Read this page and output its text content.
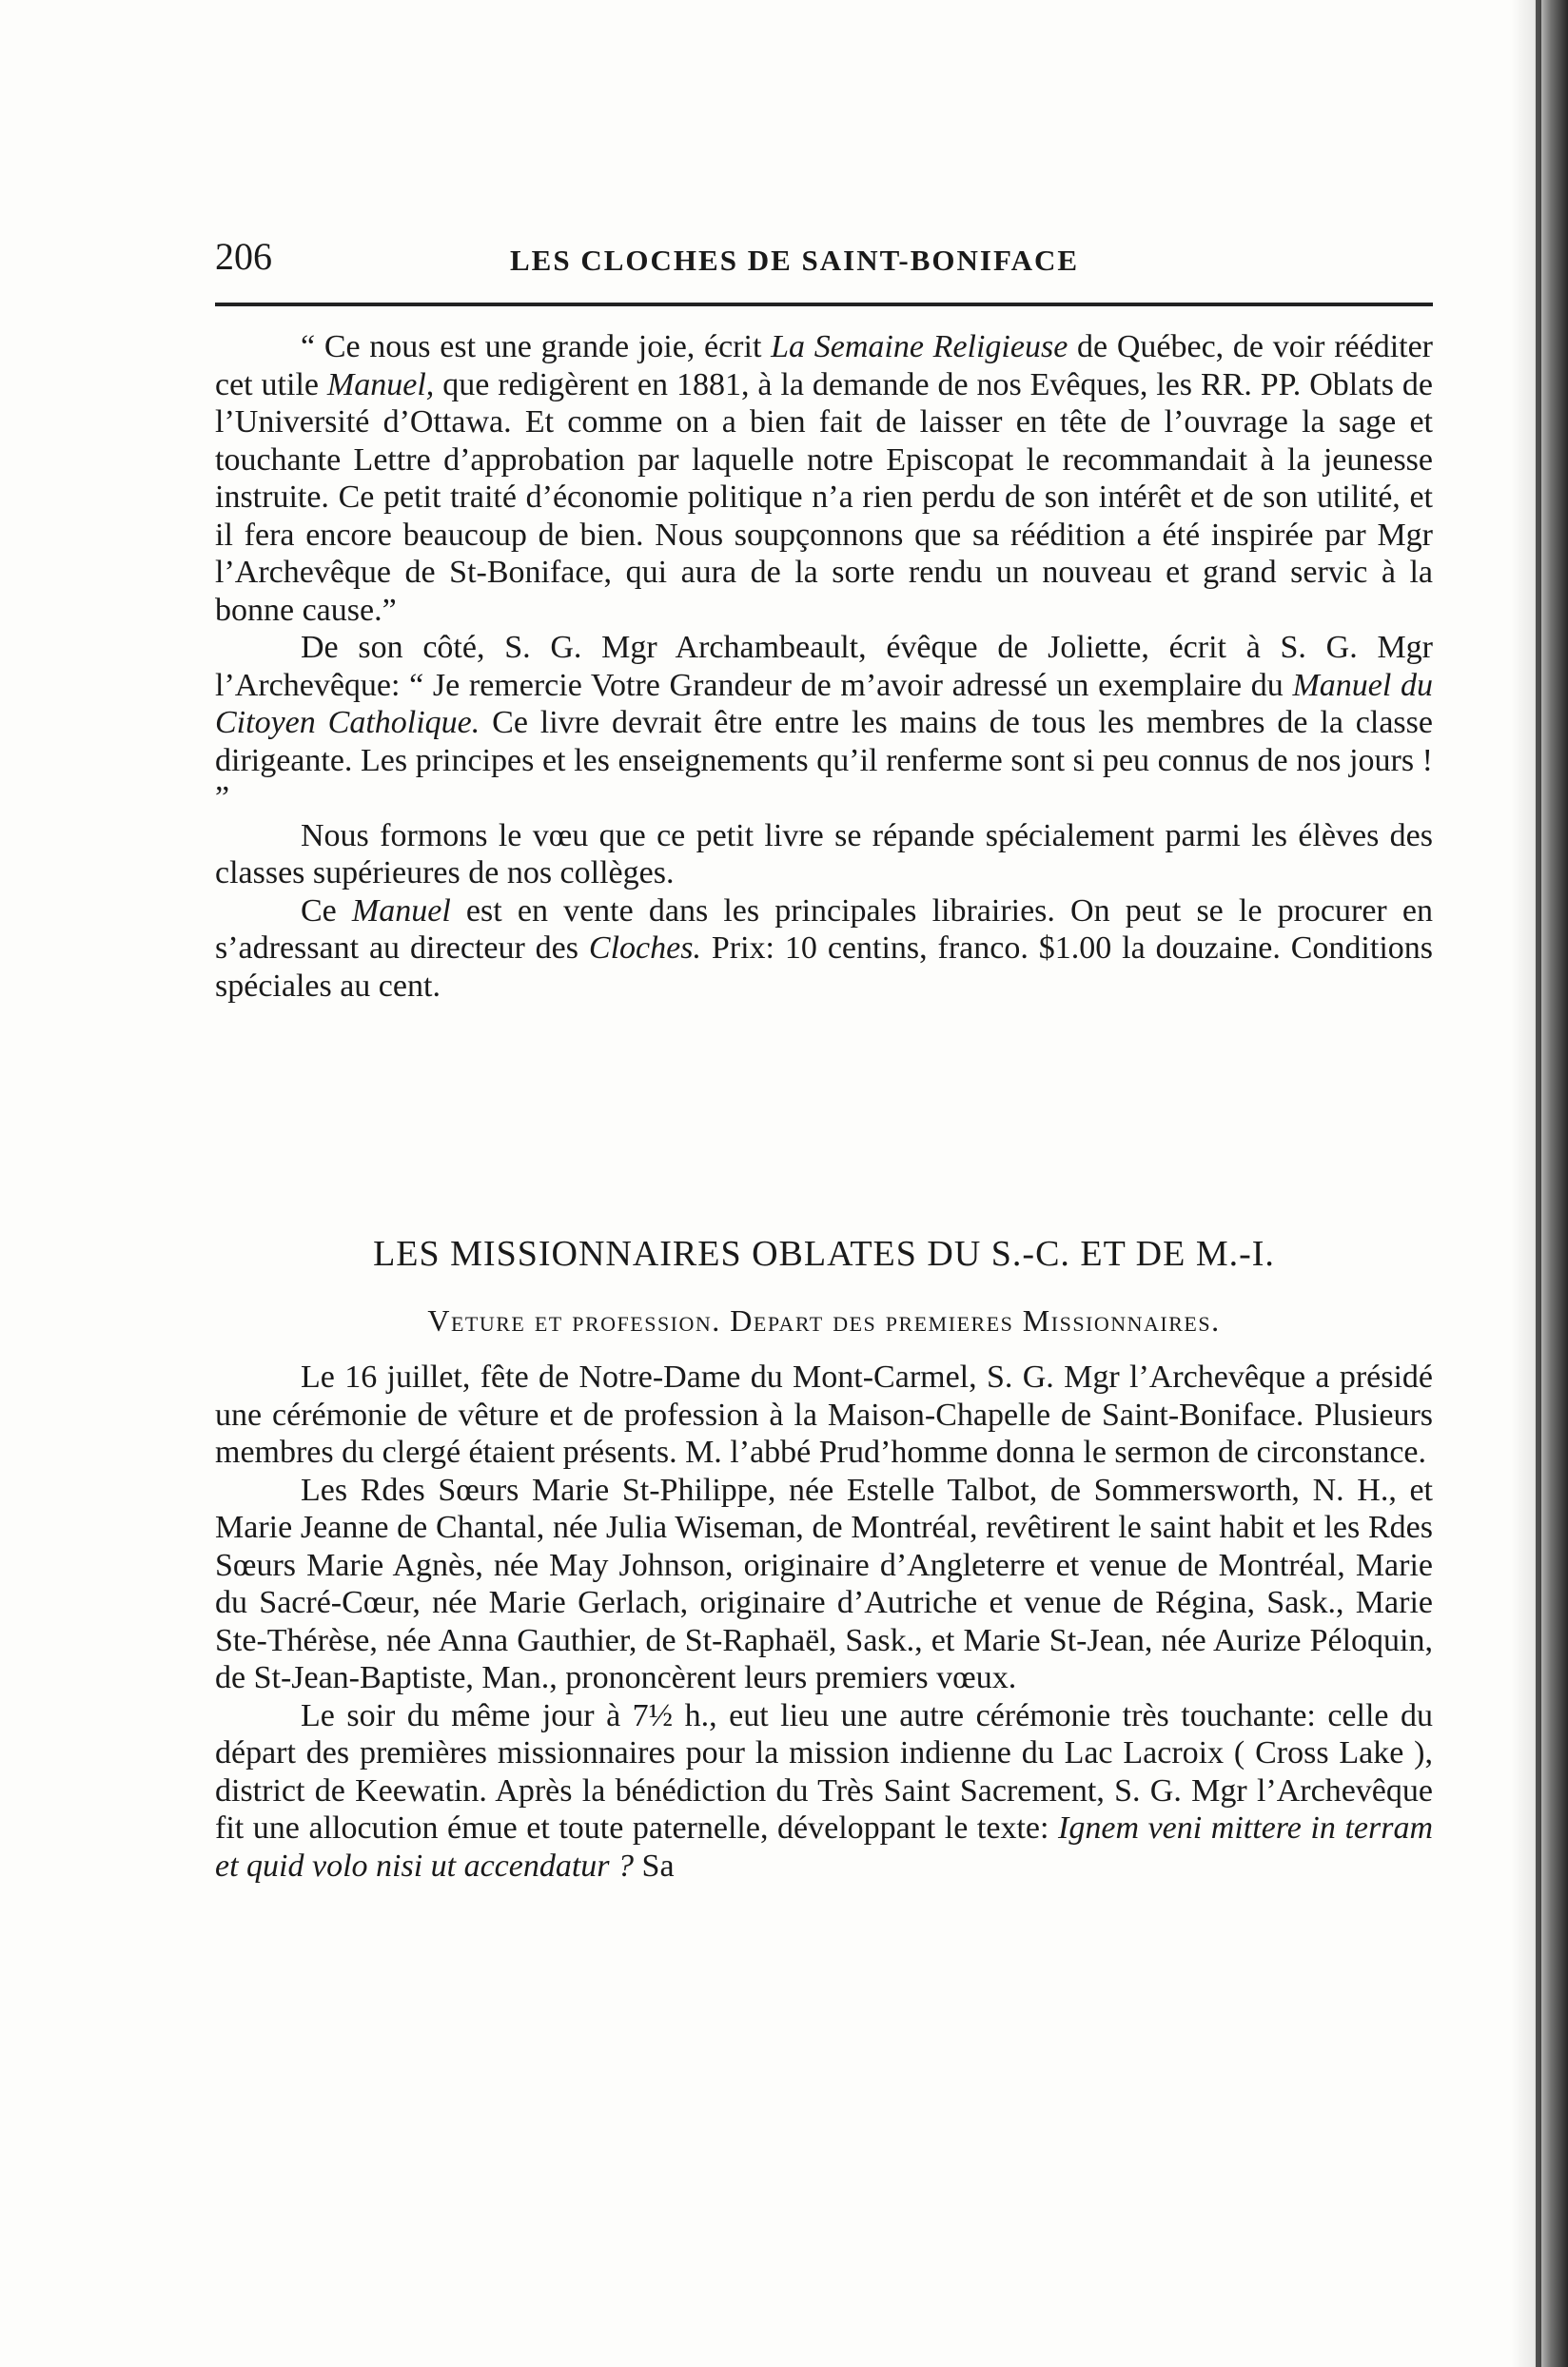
206	LES CLOCHES DE SAINT-BONIFACE

“ Ce nous est une grande joie, écrit La Semaine Religieuse de Québec, de voir rééditer cet utile Manuel, que redigèrent en 1881, à la demande de nos Evêques, les RR. PP. Oblats de l’Université d’Ottawa. Et comme on a bien fait de laisser en tête de l’ouvrage la sage et touchante Lettre d’approbation par laquelle notre Episcopat le recommandait à la jeunesse instruite. Ce petit traité d’économie politique n’a rien perdu de son intérêt et de son utilité, et il fera encore beaucoup de bien. Nous soupçonnons que sa réédition a été inspirée par Mgr l’Archevêque de St-Boniface, qui aura de la sorte rendu un nouveau et grand servic à la bonne cause.”

De son côté, S. G. Mgr Archambeault, évêque de Joliette, écrit à S. G. Mgr l’Archevêque: “ Je remercie Votre Grandeur de m’avoir adressé un exemplaire du Manuel du Citoyen Catholique. Ce livre devrait être entre les mains de tous les membres de la classe dirigeante. Les principes et les enseignements qu’il renferme sont si peu connus de nos jours ! ”

Nous formons le vœu que ce petit livre se répande spécialement parmi les élèves des classes supérieures de nos collèges.

Ce Manuel est en vente dans les principales librairies. On peut se le procurer en s’adressant au directeur des Cloches. Prix: 10 centins, franco. $1.00 la douzaine. Conditions spéciales au cent.

LES MISSIONNAIRES OBLATES DU S.-C. ET DE M.-I.
Veture et profession. Depart des premieres Missionnaires.

Le 16 juillet, fête de Notre-Dame du Mont-Carmel, S. G. Mgr l’Archevêque a présidé une cérémonie de vêture et de profession à la Maison-Chapelle de Saint-Boniface. Plusieurs membres du clergé étaient présents. M. l’abbé Prud’homme donna le sermon de circonstance.

Les Rdes Sœurs Marie St-Philippe, née Estelle Talbot, de Sommersworth, N. H., et Marie Jeanne de Chantal, née Julia Wiseman, de Montréal, revêtirent le saint habit et les Rdes Sœurs Marie Agnès, née May Johnson, originaire d’Angleterre et venue de Montréal, Marie du Sacré-Cœur, née Marie Gerlach, originaire d’Autriche et venue de Régina, Sask., Marie Ste-Thérèse, née Anna Gauthier, de St-Raphaël, Sask., et Marie St-Jean, née Aurize Péloquin, de St-Jean-Baptiste, Man., prononcèrent leurs premiers vœux.

Le soir du même jour à 7½ h., eut lieu une autre cérémonie très touchante: celle du départ des premières missionnaires pour la mission indienne du Lac Lacroix ( Cross Lake ), district de Keewatin. Après la bénédiction du Très Saint Sacrement, S. G. Mgr l’Archevêque fit une allocution émue et toute paternelle, développant le texte: Ignem veni mittere in terram et quid volo nisi ut accendatur ? Sa
